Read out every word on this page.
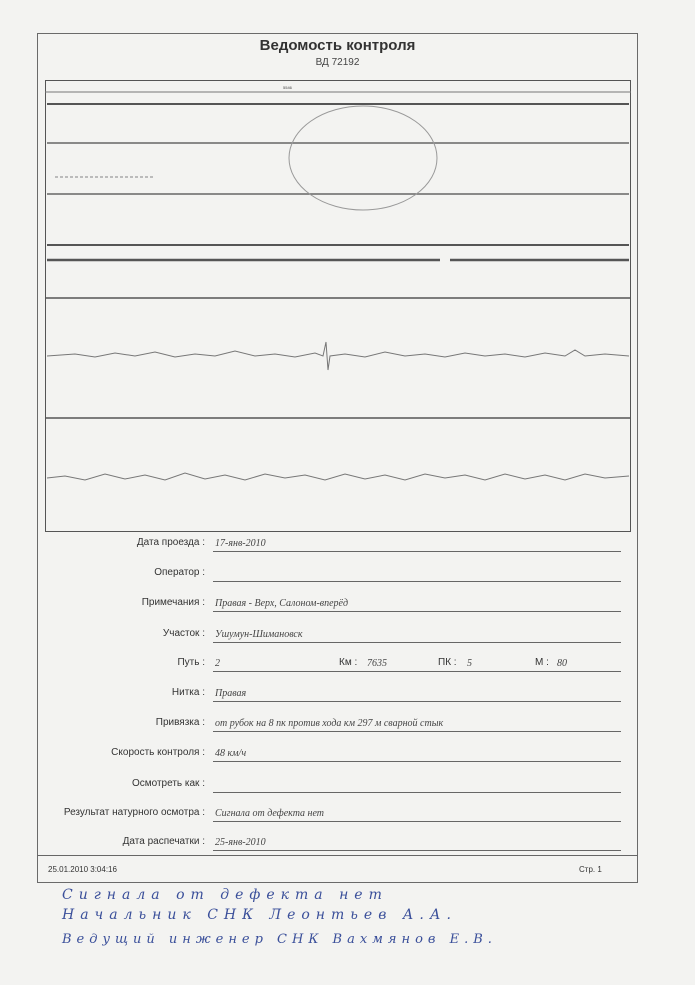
Ведомость контроля
ВД 72192
5546
Дата проезда : 17-янв-2010
Оператор :
Примечания : Правая - Верх, Салоном-вперёд
Участок : Ушумун-Шимановск
Путь : 2	Км : 7635	ПК : 5	М : 80
Нитка : Правая
Привязка : от рубок на 8 пк против хода км 297 м сварной стык
Скорость контроля : 48 км/ч
Осмотреть как :
Результат натурного осмотра : Сигнала от дефекта нет
Дата распечатки : 25-янв-2010
25.01.2010 3:04:16	Стр. 1
Сигнала от дефекта нет
Начальник СНК Леонтьев А.А.
Ведущий инженер СНК Вахмянов Е.В.
